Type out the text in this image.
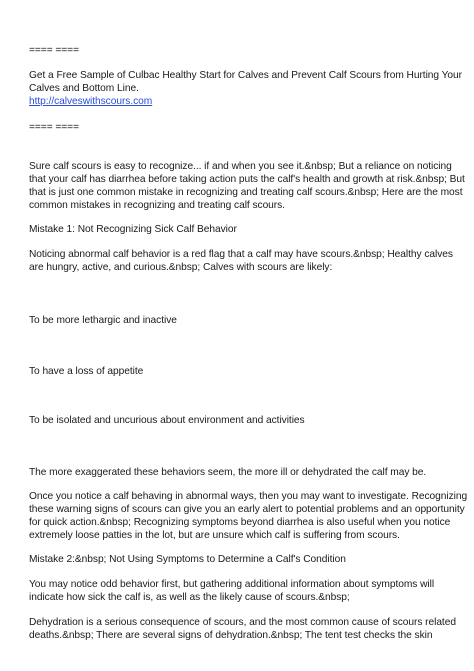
==== ====
Get a Free Sample of Culbac Healthy Start for Calves and Prevent Calf Scours from Hurting Your
Calves and Bottom Line.
http://calveswithscours.com
==== ====
Sure calf scours is easy to recognize... if and when you see it.&nbsp; But a reliance on noticing
that your calf has diarrhea before taking action puts the calf's health and growth at risk.&nbsp; But
that is just one common mistake in recognizing and treating calf scours.&nbsp; Here are the most
common mistakes in recognizing and treating calf scours.
Mistake 1: Not Recognizing Sick Calf Behavior
Noticing abnormal calf behavior is a red flag that a calf may have scours.&nbsp; Healthy calves
are hungry, active, and curious.&nbsp; Calves with scours are likely:
To be more lethargic and inactive
To have a loss of appetite
To be isolated and uncurious about environment and activities
The more exaggerated these behaviors seem, the more ill or dehydrated the calf may be.
Once you notice a calf behaving in abnormal ways, then you may want to investigate. Recognizing
these warning signs of scours can give you an early alert to potential problems and an opportunity
for quick action.&nbsp; Recognizing symptoms beyond diarrhea is also useful when you notice
extremely loose patties in the lot, but are unsure which calf is suffering from scours.
Mistake 2:&nbsp; Not Using Symptoms to Determine a Calf's Condition
You may notice odd behavior first, but gathering additional information about symptoms will
indicate how sick the calf is, as well as the likely cause of scours.&nbsp;
Dehydration is a serious consequence of scours, and the most common cause of scours related
deaths.&nbsp; There are several signs of dehydration.&nbsp; The tent test checks the skin
